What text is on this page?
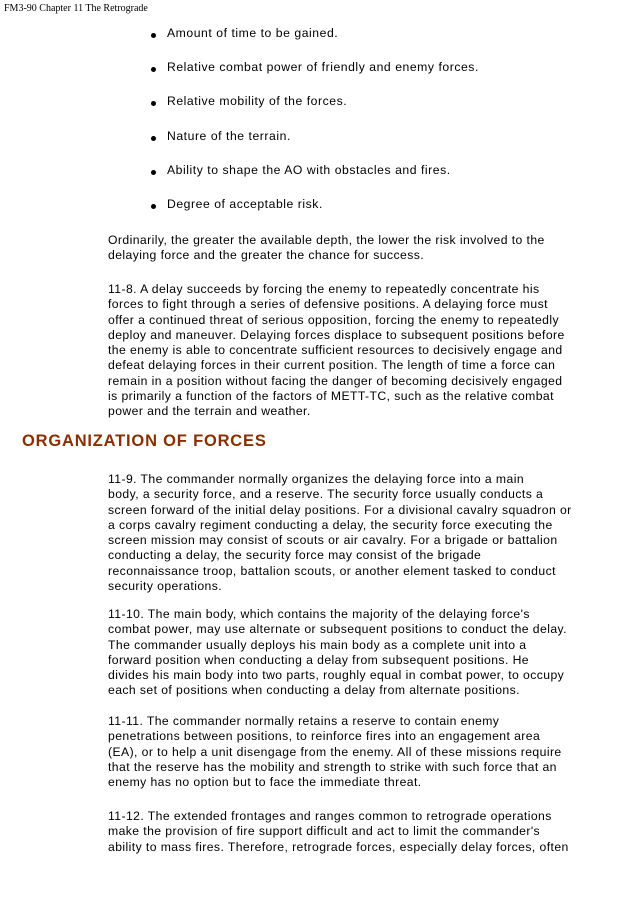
FM3-90 Chapter 11 The Retrograde
Amount of time to be gained.
Relative combat power of friendly and enemy forces.
Relative mobility of the forces.
Nature of the terrain.
Ability to shape the AO with obstacles and fires.
Degree of acceptable risk.

Ordinarily, the greater the available depth, the lower the risk involved to the
delaying force and the greater the chance for success.

11-8. A delay succeeds by forcing the enemy to repeatedly concentrate his
forces to fight through a series of defensive positions. A delaying force must
offer a continued threat of serious opposition, forcing the enemy to repeatedly
deploy and maneuver. Delaying forces displace to subsequent positions before
the enemy is able to concentrate sufficient resources to decisively engage and
defeat delaying forces in their current position. The length of time a force can
remain in a position without facing the danger of becoming decisively engaged
is primarily a function of the factors of METT-TC, such as the relative combat
power and the terrain and weather.

ORGANIZATION OF FORCES

11-9. The commander normally organizes the delaying force into a main
body, a security force, and a reserve. The security force usually conducts a
screen forward of the initial delay positions. For a divisional cavalry squadron or
a corps cavalry regiment conducting a delay, the security force executing the
screen mission may consist of scouts or air cavalry. For a brigade or battalion
conducting a delay, the security force may consist of the brigade
reconnaissance troop, battalion scouts, or another element tasked to conduct
security operations.

11-10. The main body, which contains the majority of the delaying force's
combat power, may use alternate or subsequent positions to conduct the delay.
The commander usually deploys his main body as a complete unit into a
forward position when conducting a delay from subsequent positions. He
divides his main body into two parts, roughly equal in combat power, to occupy
each set of positions when conducting a delay from alternate positions.

11-11. The commander normally retains a reserve to contain enemy
penetrations between positions, to reinforce fires into an engagement area
(EA), or to help a unit disengage from the enemy. All of these missions require
that the reserve has the mobility and strength to strike with such force that an
enemy has no option but to face the immediate threat.

11-12. The extended frontages and ranges common to retrograde operations
make the provision of fire support difficult and act to limit the commander's
ability to mass fires. Therefore, retrograde forces, especially delay forces, often
